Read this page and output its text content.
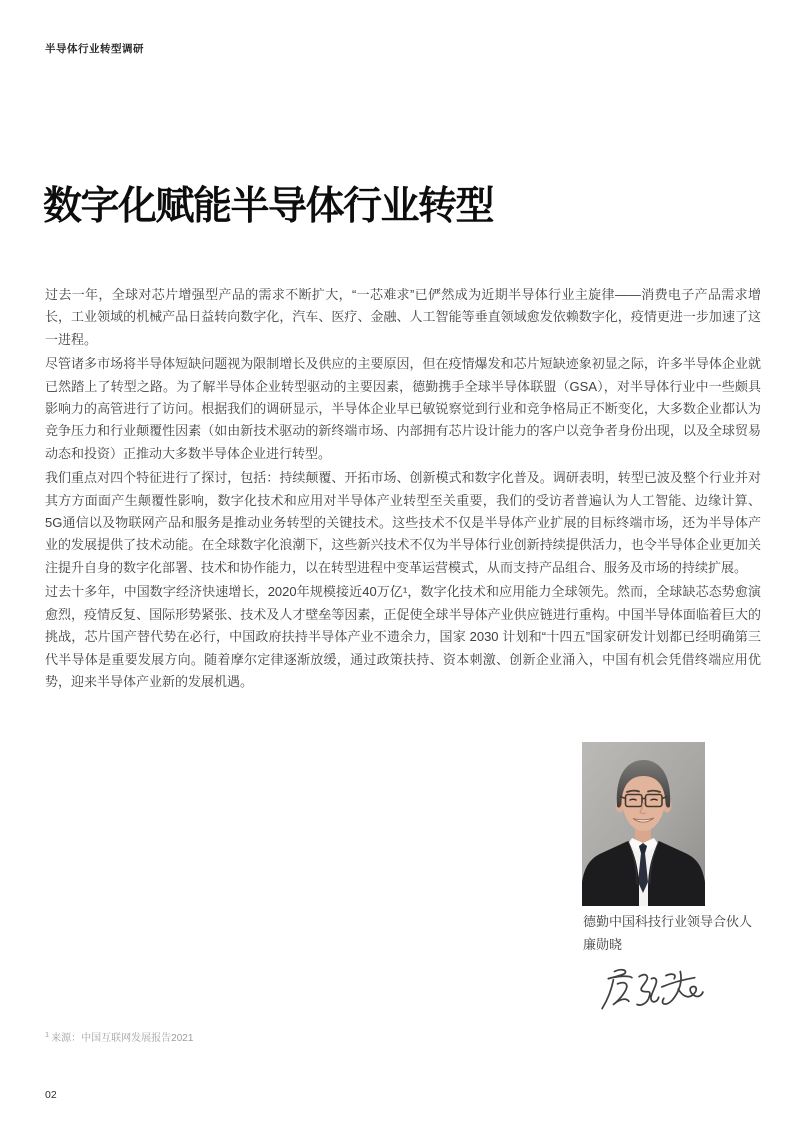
半导体行业转型调研
数字化赋能半导体行业转型

过去一年，全球对芯片增强型产品的需求不断扩大，“一芯难求”已俨然成为近期半导体行业主旋律——消费电子产品需求增长，工业领域的机械产品日益转向数字化，汽车、医疗、金融、人工智能等垂直领域愈发依赖数字化，疫情更进一步加速了这一进程。

尽管诸多市场将半导体短缺问题视为限制增长及供应的主要原因，但在疫情爆发和芯片短缺迹象初显之际，许多半导体企业就已然踏上了转型之路。为了解半导体企业转型驱动的主要因素，德勤携手全球半导体联盟（GSA），对半导体行业中一些颇具影响力的高管进行了访问。根据我们的调研显示，半导体企业早已敏锐察觉到行业和竞争格局正不断变化，大多数企业都认为竞争压力和行业颠覆性因素（如由新技术驱动的新终端市场、内部拥有芯片设计能力的客户以竞争者身份出现，以及全球贸易动态和投资）正推动大多数半导体企业进行转型。

我们重点对四个特征进行了探讨，包括：持续颠覆、开拓市场、创新模式和数字化普及。调研表明，转型已波及整个行业并对其方方面面产生颠覆性影响，数字化技术和应用对半导体产业转型至关重要，我们的受访者普遍认为人工智能、边缘计算、5G通信以及物联网产品和服务是推动业务转型的关键技术。这些技术不仅是半导体产业扩展的目标终端市场，还为半导体产业的发展提供了技术动能。在全球数字化浪潮下，这些新兴技术不仅为半导体行业创新持续提供活力，也令半导体企业更加关注提升自身的数字化部署、技术和协作能力，以在转型进程中变革运营模式，从而支持产品组合、服务及市场的持续扩展。

过去十多年，中国数字经济快速增长，2020年规模接近40万亿¹，数字化技术和应用能力全球领先。然而，全球缺芯态势愈演愈烈，疫情反复、国际形势紧张、技术及人才壁垒等因素，正促使全球半导体产业供应链进行重构。中国半导体面临着巨大的挑战，芯片国产替代势在必行，中国政府扶持半导体产业不遗余力，国家 2030 计划和“十四五”国家研发计划都已经明确第三代半导体是重要发展方向。随着摩尔定律逐渐放缓，通过政策扶持、资本刺激、创新企业涌入，中国有机会凭借终端应用优势，迎来半导体产业新的发展机遇。

德勤中国科技行业领导合伙人
廉勋晓
$^1$ 来源：中国互联网发展报告2021
02
